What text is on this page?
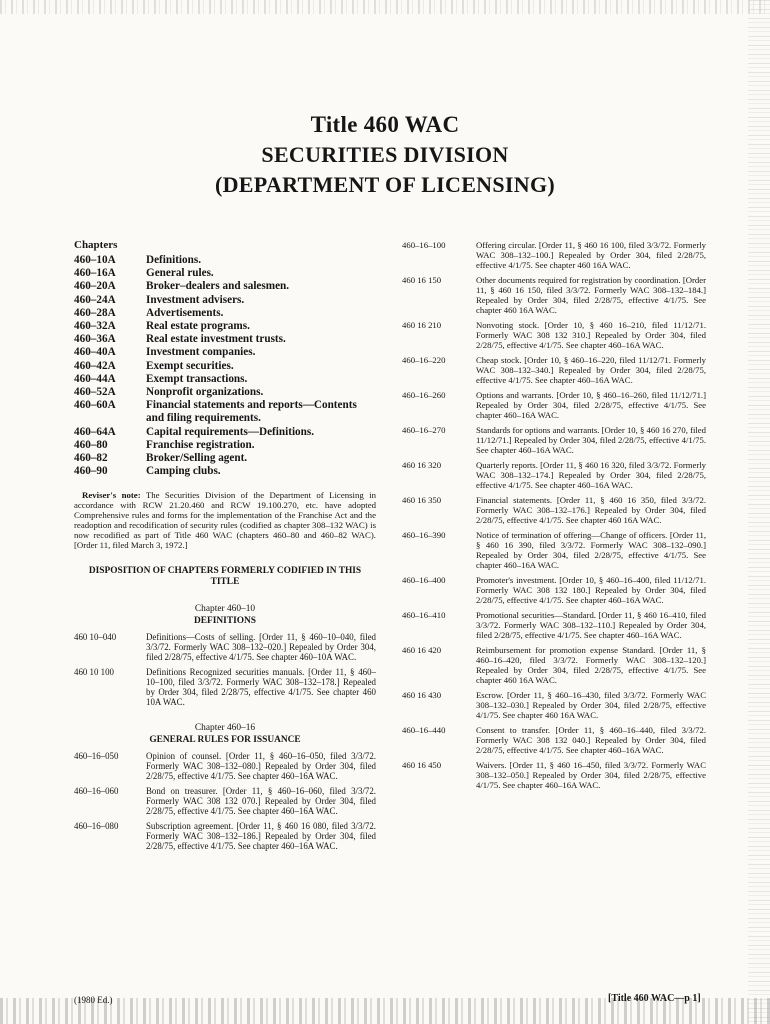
Title 460 WAC
SECURITIES DIVISION
(DEPARTMENT OF LICENSING)
Chapters
460–10A	Definitions.
460–16A	General rules.
460–20A	Broker–dealers and salesmen.
460–24A	Investment advisers.
460–28A	Advertisements.
460–32A	Real estate programs.
460–36A	Real estate investment trusts.
460–40A	Investment companies.
460–42A	Exempt securities.
460–44A	Exempt transactions.
460–52A	Nonprofit organizations.
460–60A	Financial statements and reports—Contents and filing requirements.
460–64A	Capital requirements—Definitions.
460–80	Franchise registration.
460–82	Broker/Selling agent.
460–90	Camping clubs.
Reviser's note: The Securities Division of the Department of Licensing in accordance with RCW 21.20.460 and RCW 19.100.270, etc. have adopted Comprehensive rules and forms for the implementation of the Franchise Act and the readoption and recodification of security rules (codified as chapter 308–132 WAC) is now recodified as part of Title 460 WAC (chapters 460–80 and 460–82 WAC). [Order 11, filed March 3, 1972.]
DISPOSITION OF CHAPTERS FORMERLY CODIFIED IN THIS TITLE
Chapter 460–10
DEFINITIONS
460 10–040	Definitions—Costs of selling. [Order 11, § 460–10–040, filed 3/3/72. Formerly WAC 308–132–020.] Repealed by Order 304, filed 2/28/75, effective 4/1/75. See chapter 460–10A WAC.
460 10 100	Definitions Recognized securities manuals. [Order 11, § 460–10–100, filed 3/3/72. Formerly WAC 308–132–178.] Repealed by Order 304, filed 2/28/75, effective 4/1/75. See chapter 460 10A WAC.
Chapter 460–16
GENERAL RULES FOR ISSUANCE
460–16–050	Opinion of counsel. [Order 11, § 460–16–050, filed 3/3/72. Formerly WAC 308–132–080.] Repealed by Order 304, filed 2/28/75, effective 4/1/75. See chapter 460–16A WAC.
460–16–060	Bond on treasurer. [Order 11, § 460–16–060, filed 3/3/72. Formerly WAC 308 132 070.] Repealed by Order 304, filed 2/28/75, effective 4/1/75. See chapter 460–16A WAC.
460–16–080	Subscription agreement. [Order 11, § 460 16 080, filed 3/3/72. Formerly WAC 308–132–186.] Repealed by Order 304, filed 2/28/75, effective 4/1/75. See chapter 460–16A WAC.
460–16–100	Offering circular. [Order 11, § 460 16 100, filed 3/3/72. Formerly WAC 308–132–100.] Repealed by Order 304, filed 2/28/75, effective 4/1/75. See chapter 460 16A WAC.
460 16 150	Other documents required for registration by coordination. [Order 11, § 460 16 150, filed 3/3/72. Formerly WAC 308–132–184.] Repealed by Order 304, filed 2/28/75, effective 4/1/75. See chapter 460 16A WAC.
460 16 210	Nonvoting stock. [Order 10, § 460 16–210, filed 11/12/71. Formerly WAC 308 132 310.] Repealed by Order 304, filed 2/28/75, effective 4/1/75. See chapter 460–16A WAC.
460–16–220	Cheap stock. [Order 10, § 460–16–220, filed 11/12/71. Formerly WAC 308–132–340.] Repealed by Order 304, filed 2/28/75, effective 4/1/75. See chapter 460–16A WAC.
460–16–260	Options and warrants. [Order 10, § 460–16–260, filed 11/12/71.] Repealed by Order 304, filed 2/28/75, effective 4/1/75. See chapter 460–16A WAC.
460–16–270	Standards for options and warrants. [Order 10, § 460 16 270, filed 11/12/71.] Repealed by Order 304, filed 2/28/75, effective 4/1/75. See chapter 460–16A WAC.
460 16 320	Quarterly reports. [Order 11, § 460 16 320, filed 3/3/72. Formerly WAC 308–132–174.] Repealed by Order 304, filed 2/28/75, effective 4/1/75. See chapter 460–16A WAC.
460 16 350	Financial statements. [Order 11, § 460 16 350, filed 3/3/72. Formerly WAC 308–132–176.] Repealed by Order 304, filed 2/28/75, effective 4/1/75. See chapter 460 16A WAC.
460–16–390	Notice of termination of offering—Change of officers. [Order 11, § 460 16 390, filed 3/3/72. Formerly WAC 308–132–090.] Repealed by Order 304, filed 2/28/75, effective 4/1/75. See chapter 460–16A WAC.
460–16–400	Promoter's investment. [Order 10, § 460–16–400, filed 11/12/71. Formerly WAC 308 132 180.] Repealed by Order 304, filed 2/28/75, effective 4/1/75. See chapter 460–16A WAC.
460–16–410	Promotional securities—Standard. [Order 11, § 460 16–410, filed 3/3/72. Formerly WAC 308–132–110.] Repealed by Order 304, filed 2/28/75, effective 4/1/75. See chapter 460–16A WAC.
460 16 420	Reimbursement for promotion expense Standard. [Order 11, § 460–16–420, filed 3/3/72. Formerly WAC 308–132–120.] Repealed by Order 304, filed 2/28/75, effective 4/1/75. See chapter 460 16A WAC.
460 16 430	Escrow. [Order 11, § 460–16–430, filed 3/3/72. Formerly WAC 308–132–030.] Repealed by Order 304, filed 2/28/75, effective 4/1/75. See chapter 460 16A WAC.
460–16–440	Consent to transfer. [Order 11, § 460–16–440, filed 3/3/72. Formerly WAC 308 132 040.] Repealed by Order 304, filed 2/28/75, effective 4/1/75. See chapter 460–16A WAC.
460 16 450	Waivers. [Order 11, § 460 16–450, filed 3/3/72. Formerly WAC 308–132–050.] Repealed by Order 304, filed 2/28/75, effective 4/1/75. See chapter 460–16A WAC.
(1980 Ed.)	[Title 460 WAC—p 1]
